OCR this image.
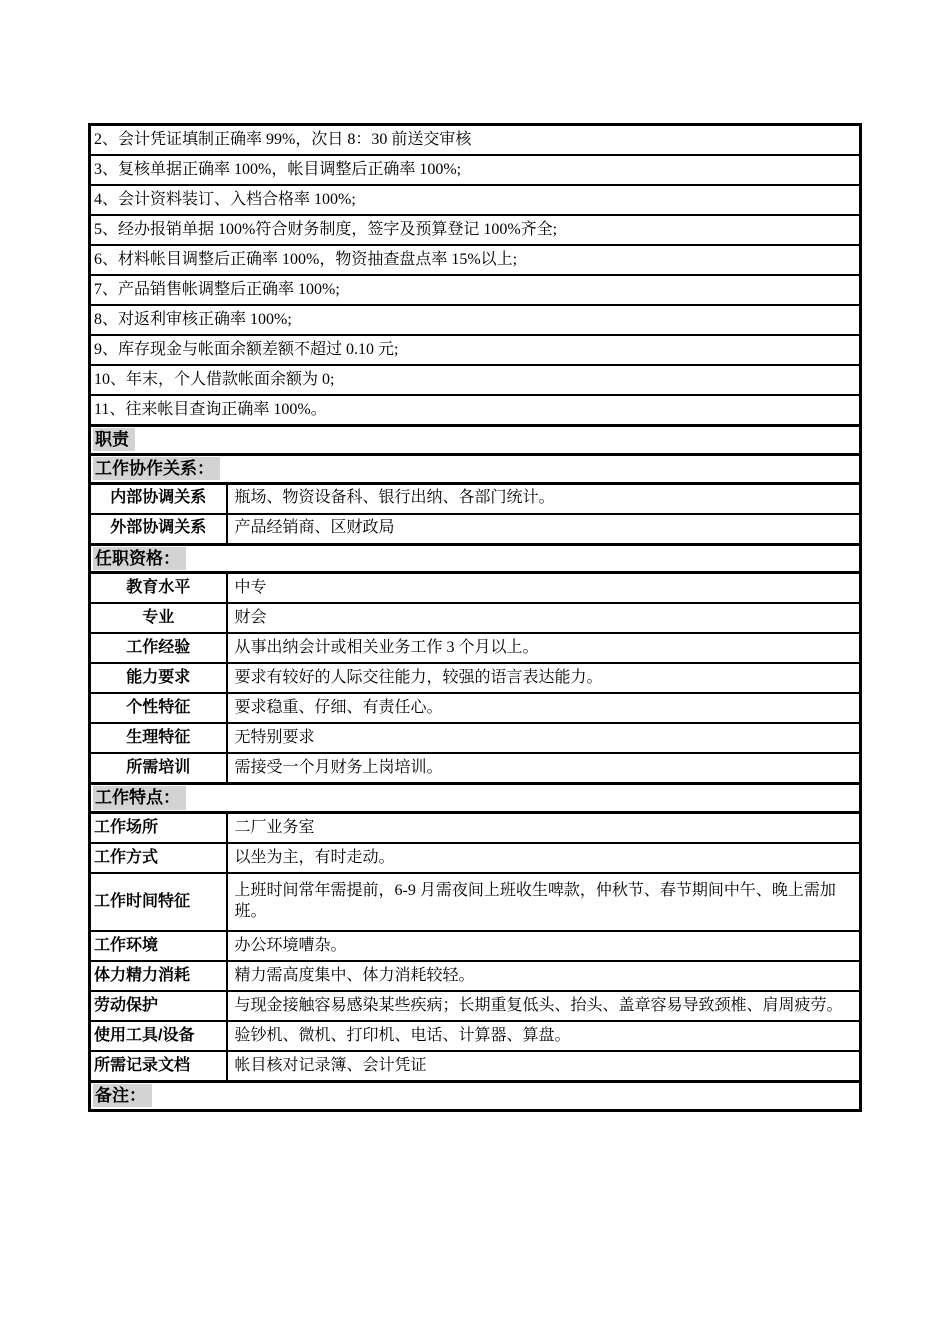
2、会计凭证填制正确率 99%，次日 8：30 前送交审核	
3、复核单据正确率 100%，帐目调整后正确率 100%;	
4、会计资料装订、入档合格率 100%;	
5、经办报销单据 100%符合财务制度，签字及预算登记 100%齐全;	
6、材料帐目调整后正确率 100%，物资抽查盘点率 15%以上;	
7、产品销售帐调整后正确率 100%;	
8、对返利审核正确率 100%;	
9、库存现金与帐面余额差额不超过 0.10 元;	
10、年末，个人借款帐面余额为 0;	
11、往来帐目查询正确率 100%。	
职责	
工作协作关系：	
内部协调关系	瓶场、物资设备科、银行出纳、各部门统计。
外部协调关系	产品经销商、区财政局
任职资格：	
教育水平	中专
专业	财会
工作经验	从事出纳会计或相关业务工作 3 个月以上。
能力要求	要求有较好的人际交往能力，较强的语言表达能力。
个性特征	要求稳重、仔细、有责任心。
生理特征	无特别要求
所需培训	需接受一个月财务上岗培训。
工作特点：	
工作场所	二厂业务室
工作方式	以坐为主，有时走动。
工作时间特征	上班时间常年需提前，6-9 月需夜间上班收生啤款，仲秋节、春节期间中午、晚上需加班。
工作环境	办公环境嘈杂。
体力精力消耗	精力需高度集中、体力消耗较轻。
劳动保护	与现金接触容易感染某些疾病；长期重复低头、抬头、盖章容易导致颈椎、肩周疲劳。
使用工具/设备	验钞机、微机、打印机、电话、计算器、算盘。
所需记录文档	帐目核对记录簿、会计凭证
备注：	
